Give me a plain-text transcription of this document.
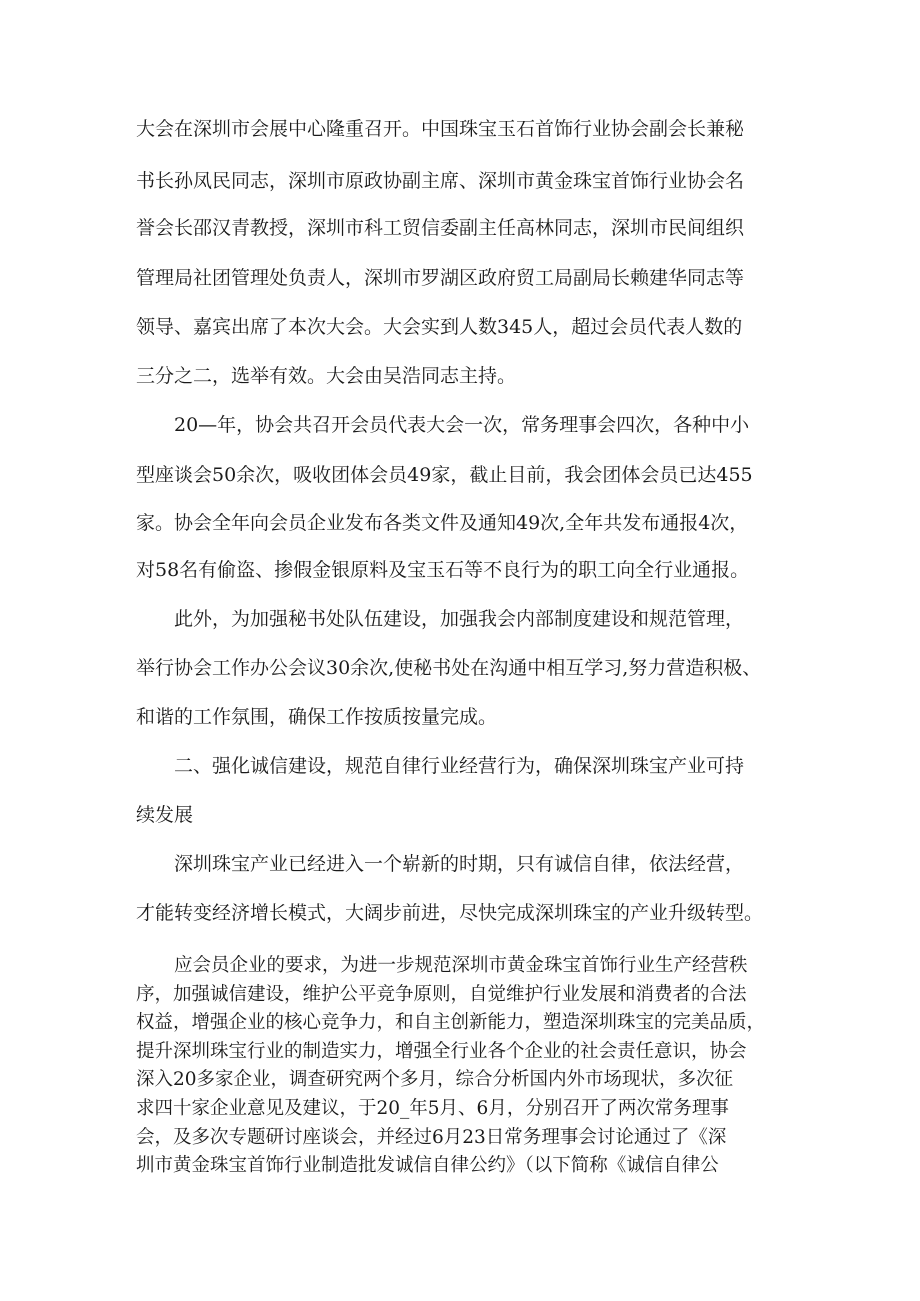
大会在深圳市会展中心隆重召开。中国珠宝玉石首饰行业协会副会长兼秘

书长孙凤民同志，深圳市原政协副主席、深圳市黄金珠宝首饰行业协会名

誉会长邵汉青教授，深圳市科工贸信委副主任高林同志，深圳市民间组织

管理局社团管理处负责人，深圳市罗湖区政府贸工局副局长赖建华同志等

领导、嘉宾出席了本次大会。大会实到人数345人，超过会员代表人数的

三分之二，选举有效。大会由吴浩同志主持。

20—年，协会共召开会员代表大会一次，常务理事会四次，各种中小

型座谈会50余次，吸收团体会员49家，截止目前，我会团体会员已达455

家。协会全年向会员企业发布各类文件及通知49次,全年共发布通报4次，

对58名有偷盗、掺假金银原料及宝玉石等不良行为的职工向全行业通报。

此外，为加强秘书处队伍建设，加强我会内部制度建设和规范管理，

举行协会工作办公会议30余次,使秘书处在沟通中相互学习,努力营造积极、

和谐的工作氛围，确保工作按质按量完成。

二、强化诚信建设，规范自律行业经营行为，确保深圳珠宝产业可持

续发展

深圳珠宝产业已经进入一个崭新的时期，只有诚信自律，依法经营，

才能转变经济增长模式，大阔步前进，尽快完成深圳珠宝的产业升级转型。

应会员企业的要求，为进一步规范深圳市黄金珠宝首饰行业生产经营秩

序，加强诚信建设，维护公平竞争原则，自觉维护行业发展和消费者的合法

权益，增强企业的核心竞争力，和自主创新能力，塑造深圳珠宝的完美品质，

提升深圳珠宝行业的制造实力，增强全行业各个企业的社会责任意识，协会

深入20多家企业，调查研究两个多月，综合分析国内外市场现状，多次征

求四十家企业意见及建议，于20_年5月、6月，分别召开了两次常务理事

会，及多次专题研讨座谈会，并经过6月23日常务理事会讨论通过了《深

圳市黄金珠宝首饰行业制造批发诚信自律公约》（以下简称《诚信自律公
